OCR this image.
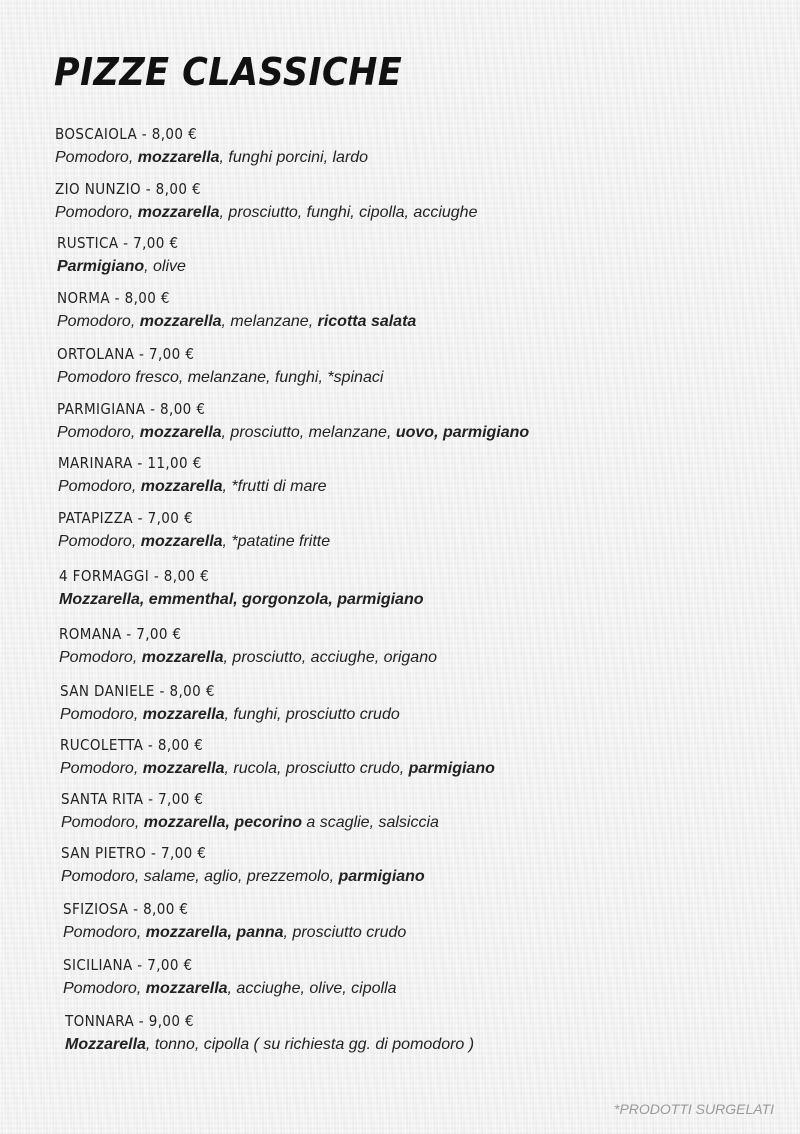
PIZZE CLASSICHE
BOSCAIOLA - 8,00 €
Pomodoro, mozzarella, funghi porcini, lardo
ZIO NUNZIO - 8,00 €
Pomodoro, mozzarella, prosciutto, funghi, cipolla, acciughe
RUSTICA - 7,00 €
Parmigiano, olive
NORMA - 8,00 €
Pomodoro, mozzarella, melanzane, ricotta salata
ORTOLANA - 7,00 €
Pomodoro fresco, melanzane, funghi, *spinaci
PARMIGIANA - 8,00 €
Pomodoro, mozzarella, prosciutto, melanzane, uovo, parmigiano
MARINARA - 11,00 €
Pomodoro, mozzarella, *frutti di mare
PATAPIZZA - 7,00 €
Pomodoro, mozzarella, *patatine fritte
4 FORMAGGI - 8,00 €
Mozzarella, emmenthal, gorgonzola, parmigiano
ROMANA - 7,00 €
Pomodoro, mozzarella, prosciutto, acciughe, origano
SAN DANIELE - 8,00 €
Pomodoro, mozzarella, funghi, prosciutto crudo
RUCOLETTA - 8,00 €
Pomodoro, mozzarella, rucola, prosciutto crudo, parmigiano
SANTA RITA - 7,00 €
Pomodoro, mozzarella, pecorino a scaglie, salsiccia
SAN PIETRO - 7,00 €
Pomodoro, salame, aglio, prezzemolo, parmigiano
SFIZIOSA - 8,00 €
Pomodoro, mozzarella, panna, prosciutto crudo
SICILIANA - 7,00 €
Pomodoro, mozzarella, acciughe, olive, cipolla
TONNARA - 9,00 €
Mozzarella, tonno, cipolla ( su richiesta gg. di pomodoro )
*PRODOTTI SURGELATI
